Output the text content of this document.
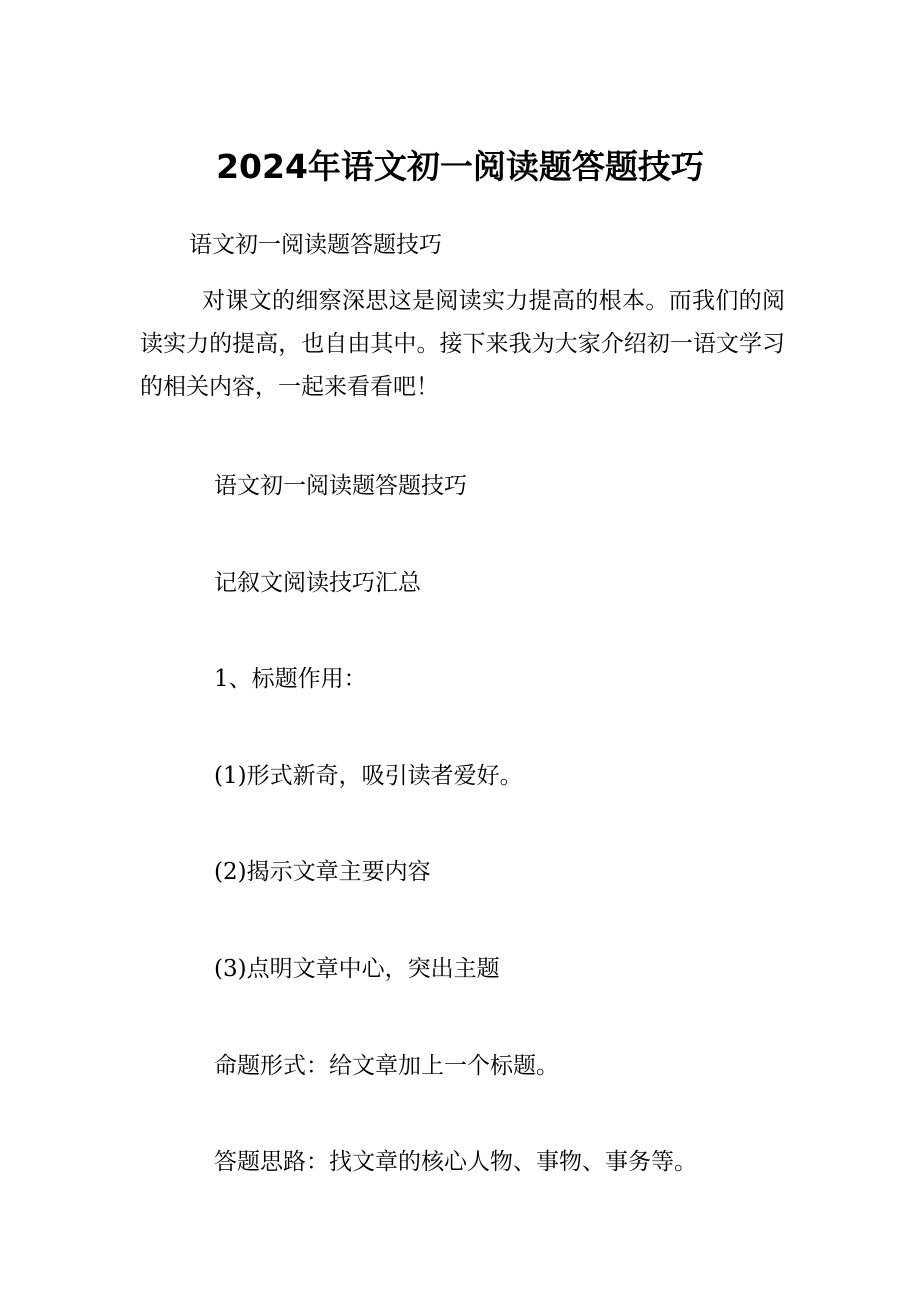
2024年语文初一阅读题答题技巧
语文初一阅读题答题技巧
对课文的细察深思这是阅读实力提高的根本。而我们的阅读实力的提高，也自由其中。接下来我为大家介绍初一语文学习的相关内容，一起来看看吧！
语文初一阅读题答题技巧
记叙文阅读技巧汇总
1、标题作用：
(1)形式新奇，吸引读者爱好。
(2)揭示文章主要内容
(3)点明文章中心，突出主题
命题形式：给文章加上一个标题。
答题思路：找文章的核心人物、事物、事务等。
